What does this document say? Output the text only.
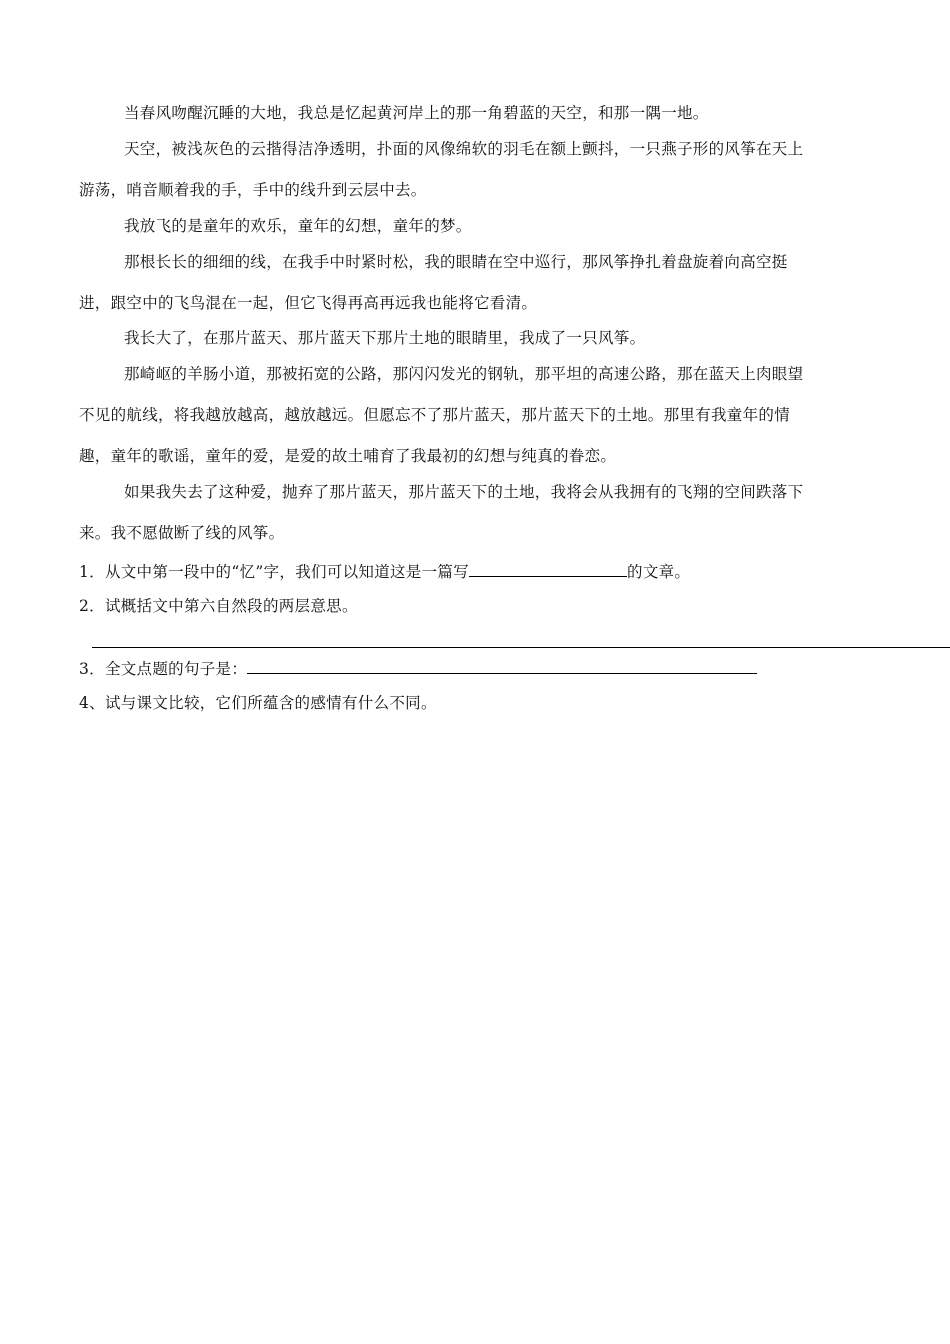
当春风吻醒沉睡的大地，我总是忆起黄河岸上的那一角碧蓝的天空，和那一隅一地。
天空，被浅灰色的云揩得洁净透明，扑面的风像绵软的羽毛在额上颤抖，一只燕子形的风筝在天上
游荡，哨音顺着我的手，手中的线升到云层中去。
我放飞的是童年的欢乐，童年的幻想，童年的梦。
那根长长的细细的线，在我手中时紧时松，我的眼睛在空中巡行，那风筝挣扎着盘旋着向高空挺
进，跟空中的飞鸟混在一起，但它飞得再高再远我也能将它看清。
我长大了，在那片蓝天、那片蓝天下那片土地的眼睛里，我成了一只风筝。
那崎岖的羊肠小道，那被拓宽的公路，那闪闪发光的钢轨，那平坦的高速公路，那在蓝天上肉眼望
不见的航线，将我越放越高，越放越远。但愿忘不了那片蓝天，那片蓝天下的土地。那里有我童年的情
趣，童年的歌谣，童年的爱，是爱的故土哺育了我最初的幻想与纯真的眷恋。
如果我失去了这种爱，抛弃了那片蓝天，那片蓝天下的土地，我将会从我拥有的飞翔的空间跌落下
来。我不愿做断了线的风筝。
1．从文中第一段中的“忆”字，我们可以知道这是一篇写	的文章。
2．试概括文中第六自然段的两层意思。
3．全文点题的句子是：
4、试与课文比较，它们所蕴含的感情有什么不同。
